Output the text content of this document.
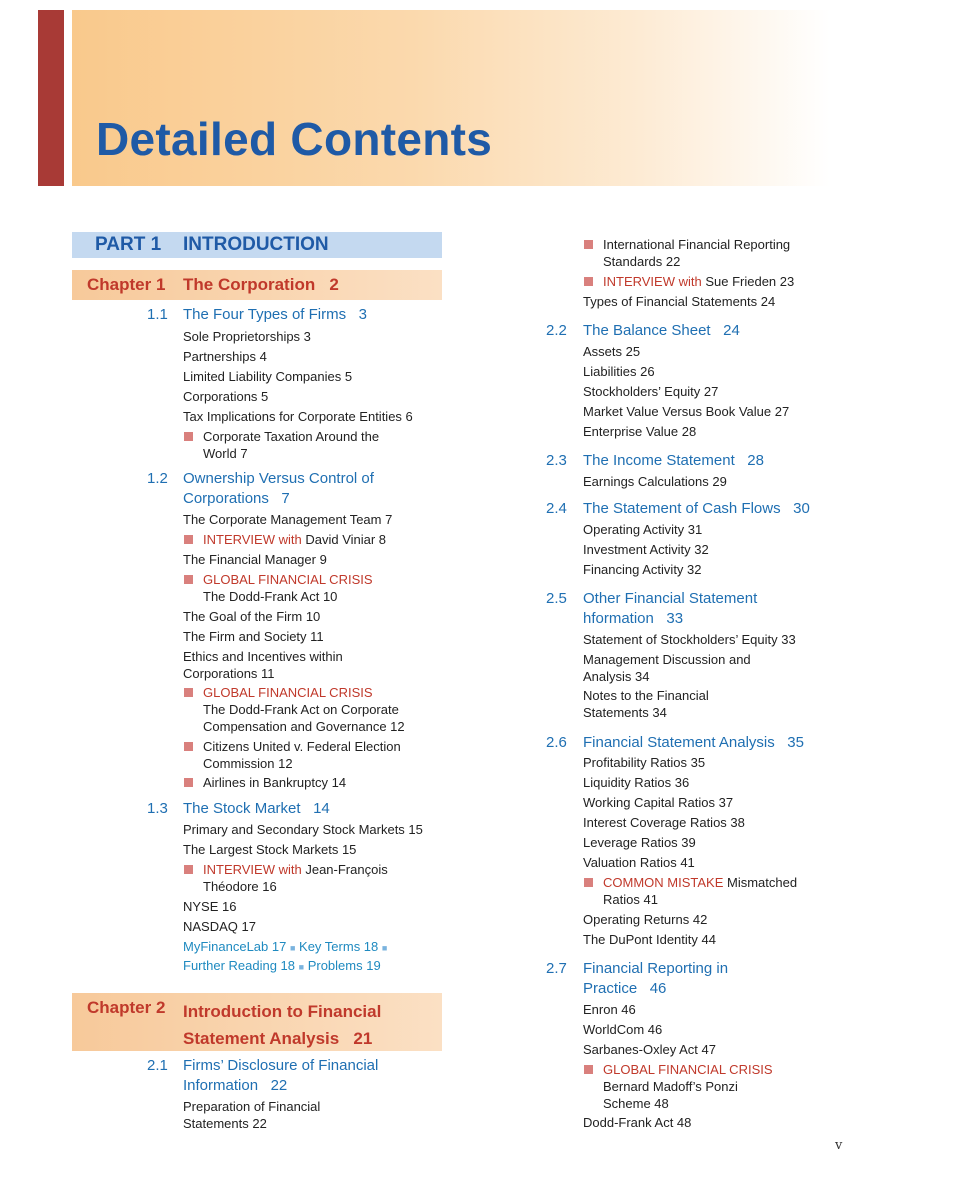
Detailed Contents
PART 1 INTRODUCTION
Chapter 1 The Corporation 2
1.1 The Four Types of Firms 3
Sole Proprietorships 3
Partnerships 4
Limited Liability Companies 5
Corporations 5
Tax Implications for Corporate Entities 6
Corporate Taxation Around the
World 7
1.2 Ownership Versus Control of
Corporations 7
The Corporate Management Team 7
INTERVIEW with David Viniar 8
The Financial Manager 9
GLOBAL FINANCIAL CRISIS
The Dodd-Frank Act 10
The Goal of the Firm 10
The Firm and Society 11
Ethics and Incentives within
Corporations 11
GLOBAL FINANCIAL CRISIS
The Dodd-Frank Act on Corporate
Compensation and Governance 12
Citizens United v. Federal Election
Commission 12
Airlines in Bankruptcy 14
1.3 The Stock Market 14
Primary and Secondary Stock Markets 15
The Largest Stock Markets 15
INTERVIEW with Jean-François
Théodore 16
NYSE 16
NASDAQ 17
MyFinanceLab 17 ■ Key Terms 18 ■
Further Reading 18 ■ Problems 19
Chapter 2 Introduction to Financial
Statement Analysis 21
2.1 Firms’ Disclosure of Financial
Information 22
Preparation of Financial
Statements 22
International Financial Reporting
Standards 22
INTERVIEW with Sue Frieden 23
Types of Financial Statements 24
2.2 The Balance Sheet 24
Assets 25
Liabilities 26
Stockholders’ Equity 27
Market Value Versus Book Value 27
Enterprise Value 28
2.3 The Income Statement 28
Earnings Calculations 29
2.4 The Statement of Cash Flows 30
Operating Activity 31
Investment Activity 32
Financing Activity 32
2.5 Other Financial Statement
hformation 33
Statement of Stockholders’ Equity 33
Management Discussion and
Analysis 34
Notes to the Financial
Statements 34
2.6 Financial Statement Analysis 35
Profitability Ratios 35
Liquidity Ratios 36
Working Capital Ratios 37
Interest Coverage Ratios 38
Leverage Ratios 39
Valuation Ratios 41
COMMON MISTAKE Mismatched
Ratios 41
Operating Returns 42
The DuPont Identity 44
2.7 Financial Reporting in
Practice 46
Enron 46
WorldCom 46
Sarbanes-Oxley Act 47
GLOBAL FINANCIAL CRISIS
Bernard Madoff’s Ponzi
Scheme 48
Dodd-Frank Act 48
v
